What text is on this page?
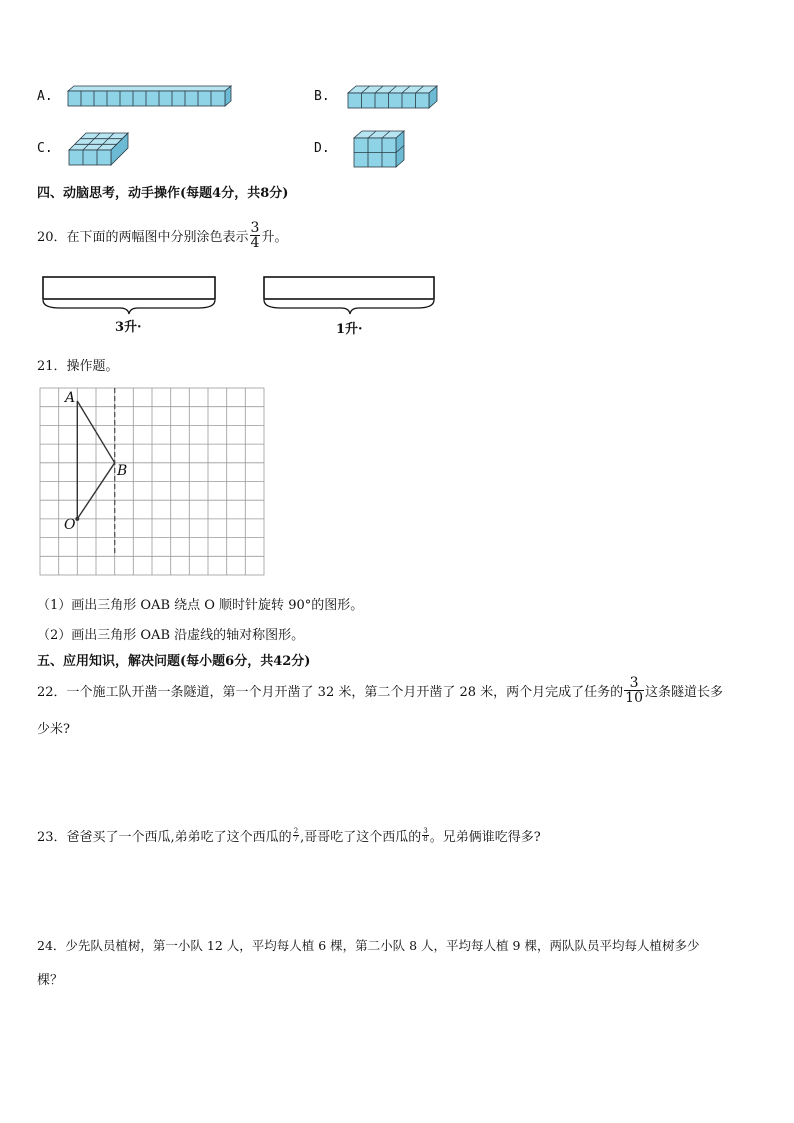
A.	B.
C.	D.
四、动脑思考，动手操作(每题4分，共8分)
20．在下面的两幅图中分别涂色表示 $\frac{3}{4}$ 升。
3升·	1升·
21．操作题。
A
B
O
（1）画出三角形 OAB 绕点 O 顺时针旋转 90°的图形。
（2）画出三角形 OAB 沿虚线的轴对称图形。
五、应用知识，解决问题(每小题6分，共42分)
22．一个施工队开凿一条隧道，第一个月开凿了 32 米，第二个月开凿了 28 米，两个月完成了任务的 $\frac{3}{10}$ 这条隧道长多
少米?
23．爸爸买了一个西瓜,弟弟吃了这个西瓜的 $\frac{2}{7}$ ,哥哥吃了这个西瓜的 $\frac{3}{8}$ 。兄弟俩谁吃得多?
24．少先队员植树，第一小队 12 人，平均每人植 6 棵，第二小队 8 人，平均每人植 9 棵，两队队员平均每人植树多少
棵？
